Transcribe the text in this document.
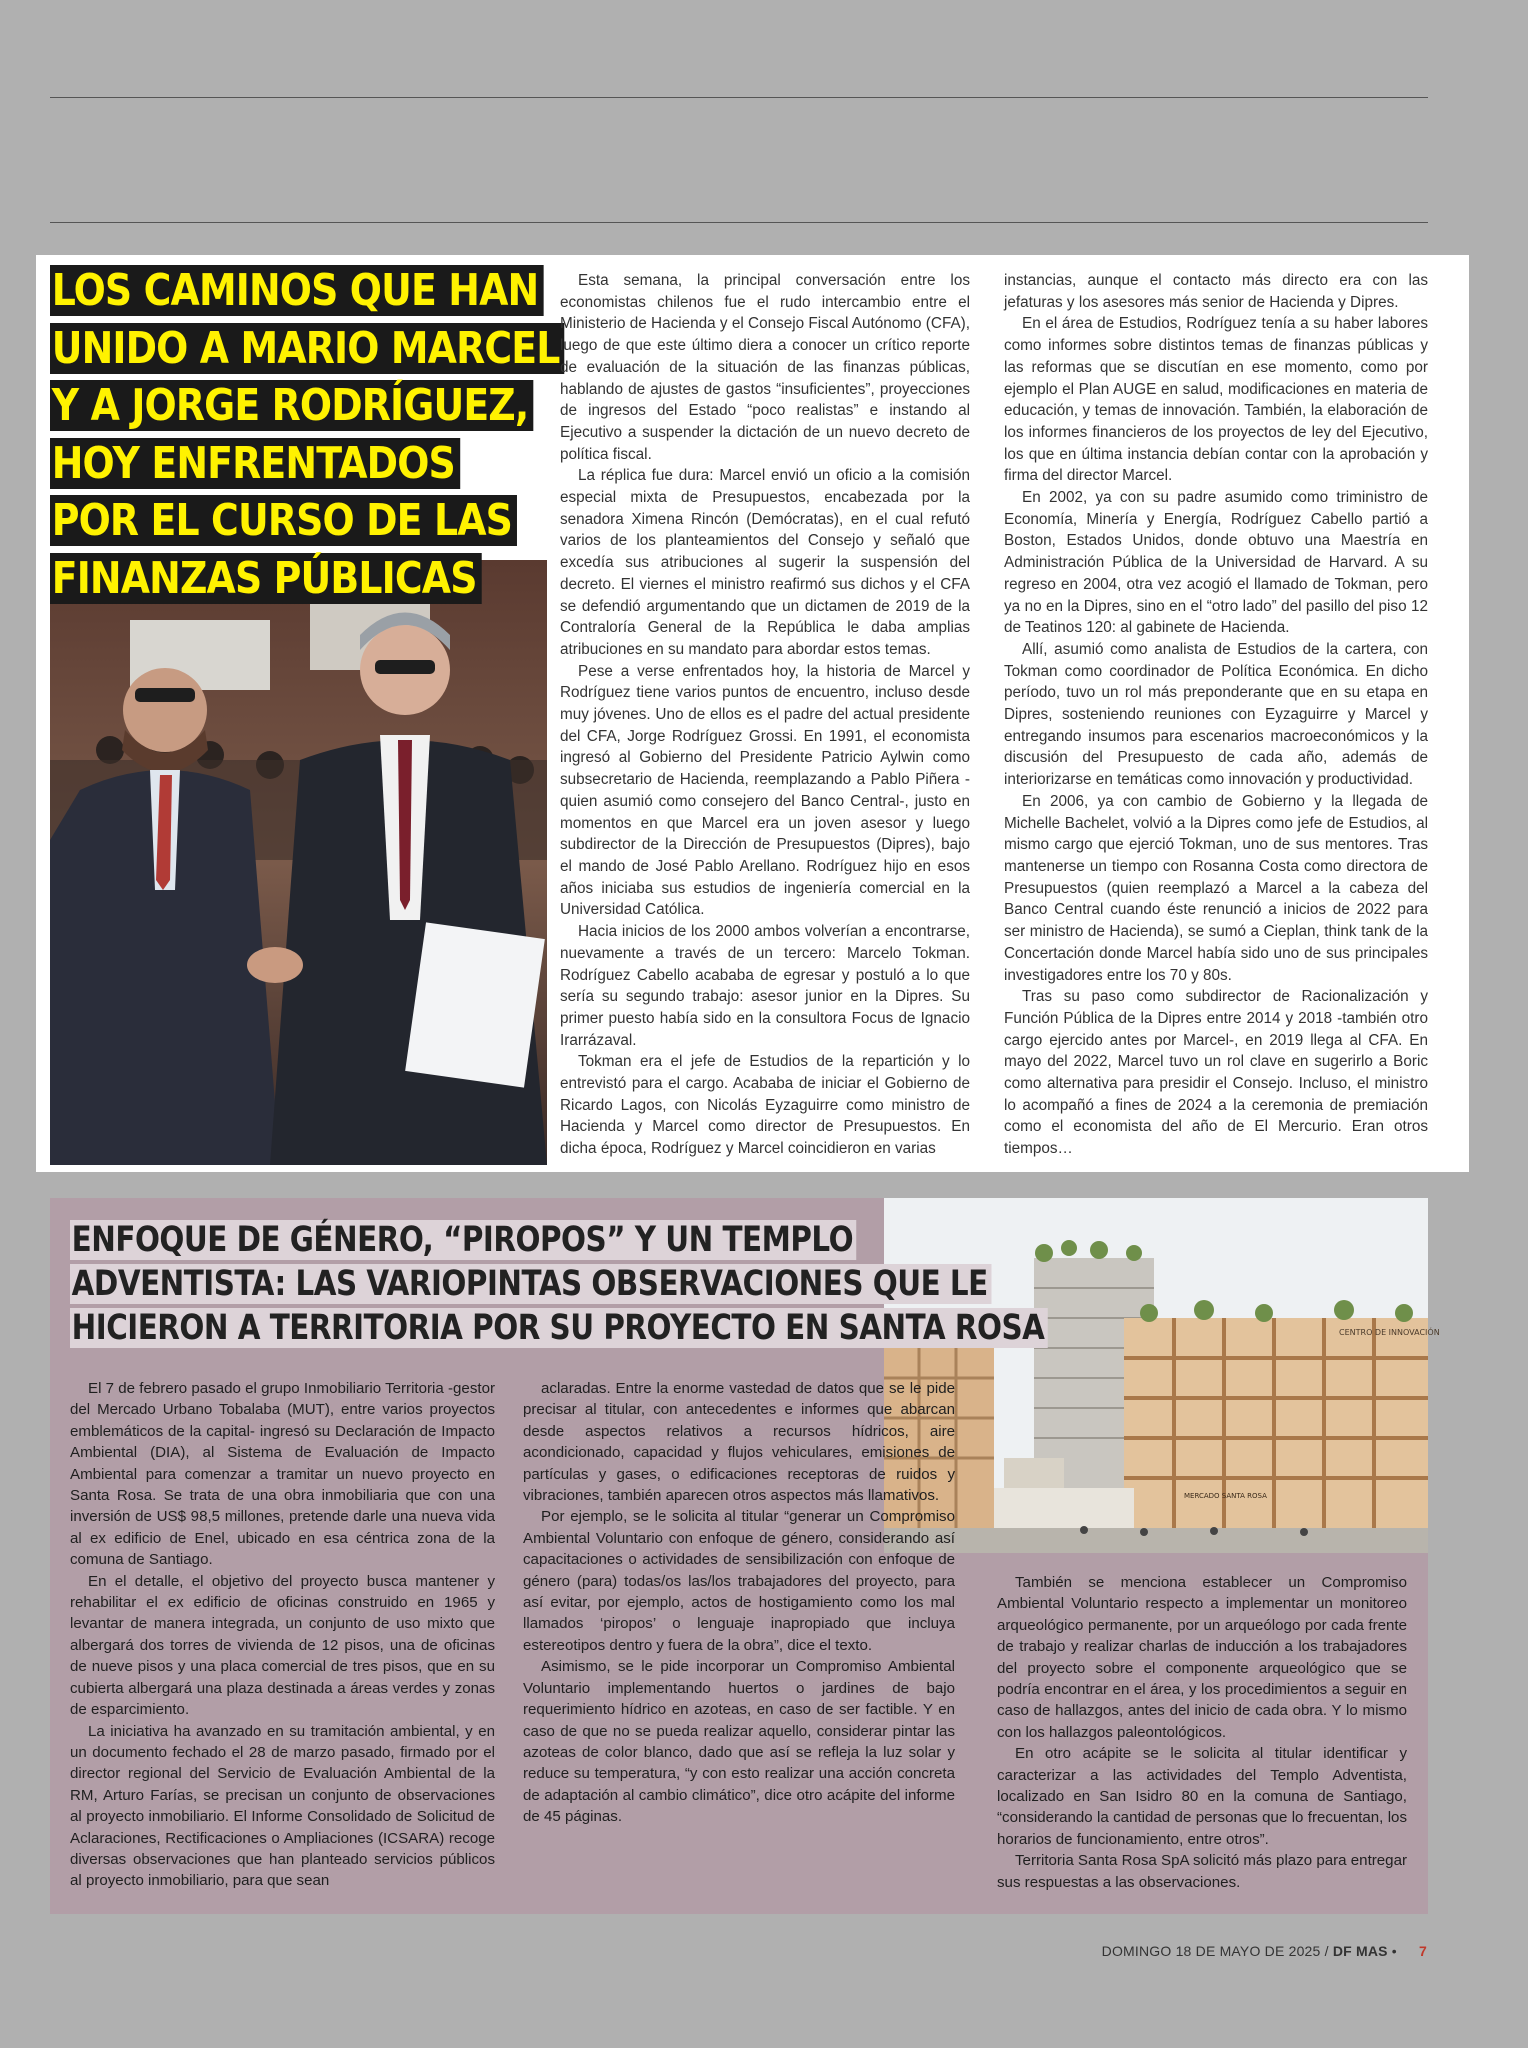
LOS CAMINOS QUE HAN
UNIDO A MARIO MARCEL
Y A JORGE RODRÍGUEZ,
HOY ENFRENTADOS
POR EL CURSO DE LAS
FINANZAS PÚBLICAS

Esta semana, la principal conversación entre los economistas chilenos fue el rudo intercambio entre el Ministerio de Hacienda y el Consejo Fiscal Autónomo (CFA), luego de que este último diera a conocer un crítico reporte de evaluación de la situación de las finanzas públicas, hablando de ajustes de gastos “insuficientes”, proyecciones de ingresos del Estado “poco realistas” e instando al Ejecutivo a suspender la dictación de un nuevo decreto de política fiscal.

La réplica fue dura: Marcel envió un oficio a la comisión especial mixta de Presupuestos, encabezada por la senadora Ximena Rincón (Demócratas), en el cual refutó varios de los planteamientos del Consejo y señaló que excedía sus atribuciones al sugerir la suspensión del decreto. El viernes el ministro reafirmó sus dichos y el CFA se defendió argumentando que un dictamen de 2019 de la Contraloría General de la República le daba amplias atribuciones en su mandato para abordar estos temas.

Pese a verse enfrentados hoy, la historia de Marcel y Rodríguez tiene varios puntos de encuentro, incluso desde muy jóvenes. Uno de ellos es el padre del actual presidente del CFA, Jorge Rodríguez Grossi. En 1991, el economista ingresó al Gobierno del Presidente Patricio Aylwin como subsecretario de Hacienda, reemplazando a Pablo Piñera -quien asumió como consejero del Banco Central-, justo en momentos en que Marcel era un joven asesor y luego subdirector de la Dirección de Presupuestos (Dipres), bajo el mando de José Pablo Arellano. Rodríguez hijo en esos años iniciaba sus estudios de ingeniería comercial en la Universidad Católica.

Hacia inicios de los 2000 ambos volverían a encontrarse, nuevamente a través de un tercero: Marcelo Tokman. Rodríguez Cabello acababa de egresar y postuló a lo que sería su segundo trabajo: asesor junior en la Dipres. Su primer puesto había sido en la consultora Focus de Ignacio Irarrázaval.

Tokman era el jefe de Estudios de la repartición y lo entrevistó para el cargo. Acababa de iniciar el Gobierno de Ricardo Lagos, con Nicolás Eyzaguirre como ministro de Hacienda y Marcel como director de Presupuestos. En dicha época, Rodríguez y Marcel coincidieron en varias

instancias, aunque el contacto más directo era con las jefaturas y los asesores más senior de Hacienda y Dipres.

En el área de Estudios, Rodríguez tenía a su haber labores como informes sobre distintos temas de finanzas públicas y las reformas que se discutían en ese momento, como por ejemplo el Plan AUGE en salud, modificaciones en materia de educación, y temas de innovación. También, la elaboración de los informes financieros de los proyectos de ley del Ejecutivo, los que en última instancia debían contar con la aprobación y firma del director Marcel.

En 2002, ya con su padre asumido como triministro de Economía, Minería y Energía, Rodríguez Cabello partió a Boston, Estados Unidos, donde obtuvo una Maestría en Administración Pública de la Universidad de Harvard. A su regreso en 2004, otra vez acogió el llamado de Tokman, pero ya no en la Dipres, sino en el “otro lado” del pasillo del piso 12 de Teatinos 120: al gabinete de Hacienda.

Allí, asumió como analista de Estudios de la cartera, con Tokman como coordinador de Política Económica. En dicho período, tuvo un rol más preponderante que en su etapa en Dipres, sosteniendo reuniones con Eyzaguirre y Marcel y entregando insumos para escenarios macroeconómicos y la discusión del Presupuesto de cada año, además de interiorizarse en temáticas como innovación y productividad.

En 2006, ya con cambio de Gobierno y la llegada de Michelle Bachelet, volvió a la Dipres como jefe de Estudios, al mismo cargo que ejerció Tokman, uno de sus mentores. Tras mantenerse un tiempo con Rosanna Costa como directora de Presupuestos (quien reemplazó a Marcel a la cabeza del Banco Central cuando éste renunció a inicios de 2022 para ser ministro de Hacienda), se sumó a Cieplan, think tank de la Concertación donde Marcel había sido uno de sus principales investigadores entre los 70 y 80s.

Tras su paso como subdirector de Racionalización y Función Pública de la Dipres entre 2014 y 2018 -también otro cargo ejercido antes por Marcel-, en 2019 llega al CFA. En mayo del 2022, Marcel tuvo un rol clave en sugerirlo a Boric como alternativa para presidir el Consejo. Incluso, el ministro lo acompañó a fines de 2024 a la ceremonia de premiación como el economista del año de El Mercurio. Eran otros tiempos…

CENTRO DE INNOVACIÓN
MERCADO SANTA ROSA
ENFOQUE DE GÉNERO, “PIROPOS” Y UN TEMPLO
ADVENTISTA: LAS VARIOPINTAS OBSERVACIONES QUE LE
HICIERON A TERRITORIA POR SU PROYECTO EN SANTA ROSA

El 7 de febrero pasado el grupo Inmobiliario Territoria -gestor del Mercado Urbano Tobalaba (MUT), entre varios proyectos emblemáticos de la capital- ingresó su Declaración de Impacto Ambiental (DIA), al Sistema de Evaluación de Impacto Ambiental para comenzar a tramitar un nuevo proyecto en Santa Rosa. Se trata de una obra inmobiliaria que con una inversión de US$ 98,5 millones, pretende darle una nueva vida al ex edificio de Enel, ubicado en esa céntrica zona de la comuna de Santiago.

En el detalle, el objetivo del proyecto busca mantener y rehabilitar el ex edificio de oficinas construido en 1965 y levantar de manera integrada, un conjunto de uso mixto que albergará dos torres de vivienda de 12 pisos, una de oficinas de nueve pisos y una placa comercial de tres pisos, que en su cubierta albergará una plaza destinada a áreas verdes y zonas de esparcimiento.

La iniciativa ha avanzado en su tramitación ambiental, y en un documento fechado el 28 de marzo pasado, firmado por el director regional del Servicio de Evaluación Ambiental de la RM, Arturo Farías, se precisan un conjunto de observaciones al proyecto inmobiliario. El Informe Consolidado de Solicitud de Aclaraciones, Rectificaciones o Ampliaciones (ICSARA) recoge diversas observaciones que han planteado servicios públicos al proyecto inmobiliario, para que sean

aclaradas. Entre la enorme vastedad de datos que se le pide precisar al titular, con antecedentes e informes que abarcan desde aspectos relativos a recursos hídricos, aire acondicionado, capacidad y flujos vehiculares, emisiones de partículas y gases, o edificaciones receptoras de ruidos y vibraciones, también aparecen otros aspectos más llamativos.

Por ejemplo, se le solicita al titular “generar un Compromiso Ambiental Voluntario con enfoque de género, considerando así capacitaciones o actividades de sensibilización con enfoque de género (para) todas/os las/los trabajadores del proyecto, para así evitar, por ejemplo, actos de hostigamiento como los mal llamados ‘piropos’ o lenguaje inapropiado que incluya estereotipos dentro y fuera de la obra”, dice el texto.

Asimismo, se le pide incorporar un Compromiso Ambiental Voluntario implementando huertos o jardines de bajo requerimiento hídrico en azoteas, en caso de ser factible. Y en caso de que no se pueda realizar aquello, considerar pintar las azoteas de color blanco, dado que así se refleja la luz solar y reduce su temperatura, “y con esto realizar una acción concreta de adaptación al cambio climático”, dice otro acápite del informe de 45 páginas.

También se menciona establecer un Compromiso Ambiental Voluntario respecto a implementar un monitoreo arqueológico permanente, por un arqueólogo por cada frente de trabajo y realizar charlas de inducción a los trabajadores del proyecto sobre el componente arqueológico que se podría encontrar en el área, y los procedimientos a seguir en caso de hallazgos, antes del inicio de cada obra. Y lo mismo con los hallazgos paleontológicos.

En otro acápite se le solicita al titular identificar y caracterizar a las actividades del Templo Adventista, localizado en San Isidro 80 en la comuna de Santiago, “considerando la cantidad de personas que lo frecuentan, los horarios de funcionamiento, entre otros”.

Territoria Santa Rosa SpA solicitó más plazo para entregar sus respuestas a las observaciones.

DOMINGO 18 DE MAYO DE 2025 / DF MAS • 7
